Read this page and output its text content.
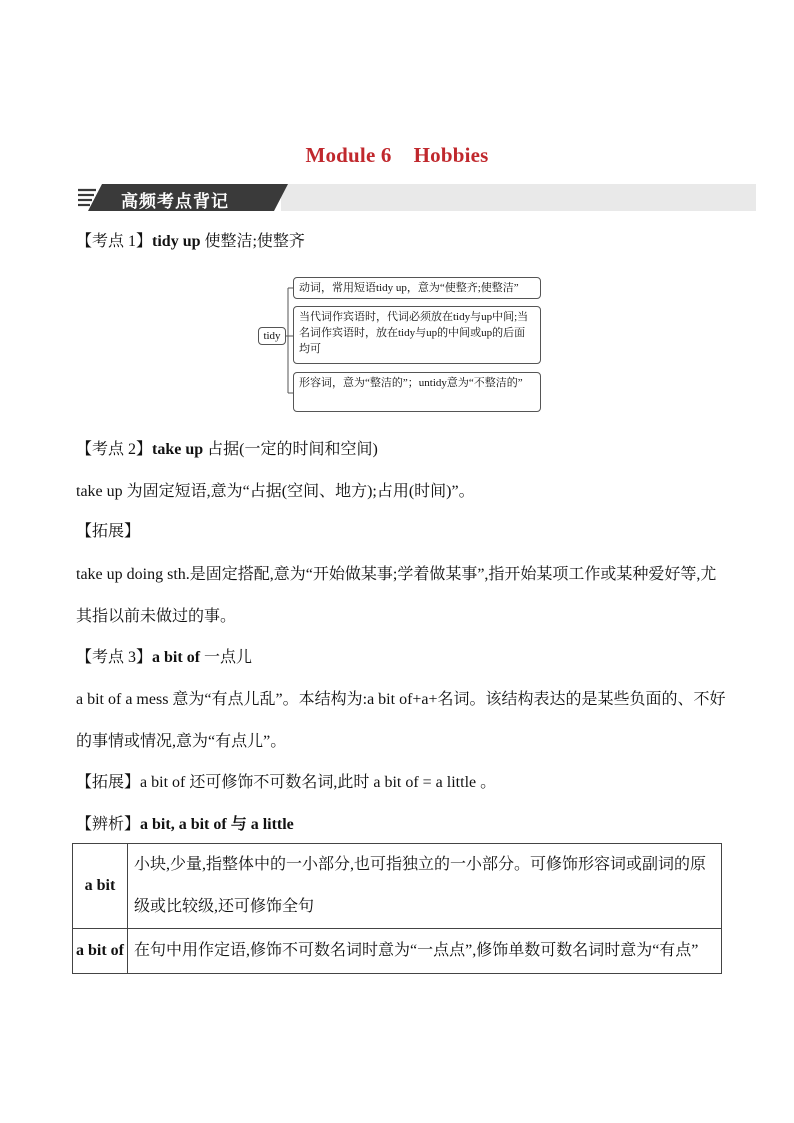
Module 6 Hobbies
高频考点背记
【考点 1】tidy up 使整洁;使整齐
tidy
动词，常用短语tidy up，意为“使整齐;使整洁”
当代词作宾语时，代词必须放在tidy与up中间;当名词作宾语时，放在tidy与up的中间或up的后面均可
形容词，意为“整洁的”；untidy意为“不整洁的”
【考点 2】take up 占据(一定的时间和空间)
take up 为固定短语,意为“占据(空间、地方);占用(时间)”。
【拓展】
take up doing sth.是固定搭配,意为“开始做某事;学着做某事”,指开始某项工作或某种爱好等,尤其指以前未做过的事。
【考点 3】a bit of 一点儿
a bit of a mess 意为“有点儿乱”。本结构为:a bit of+a+名词。该结构表达的是某些负面的、不好的事情或情况,意为“有点儿”。
【拓展】a bit of 还可修饰不可数名词,此时 a bit of = a little 。
【辨析】a bit, a bit of 与 a little
a bit	小块,少量,指整体中的一小部分,也可指独立的一小部分。可修饰形容词或副词的原级或比较级,还可修饰全句
a bit of	在句中用作定语,修饰不可数名词时意为“一点点”,修饰单数可数名词时意为“有点”
